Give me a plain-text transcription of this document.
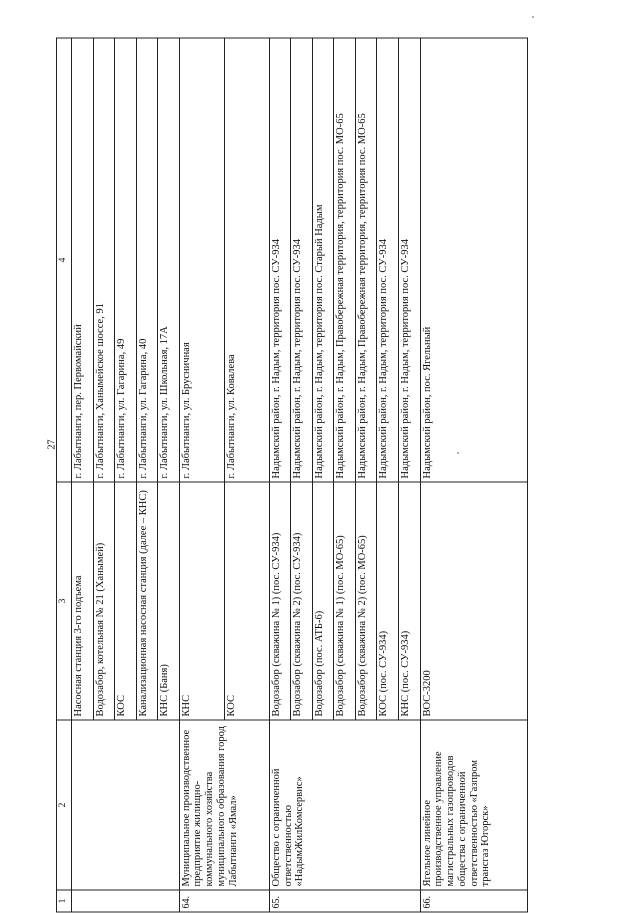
27
1	2	3	4
		Насосная станция 3-го подъема	г. Лабытнанги, пер. Первомайский
		Водозабор, котельная № 21 (Ханымей)	г. Лабытнанги, Ханымейское шоссе, 91
		КОС	г. Лабытнанги, ул. Гагарина, 49
		Канализационная насосная станция (далее – КНС)	г. Лабытнанги, ул. Гагарина, 40
		КНС (Баня)	г. Лабытнанги, ул. Школьная, 17А
64.	Муниципальное производственное предприятие жилищно-коммунального хозяйства муниципального образования город Лабытнанги «Ямал»	КНС	г. Лабытнанги, ул. Брусничная
		КОС	г. Лабытнанги, ул. Ковалева
65.	Общество с ограниченной ответственностью «НадымЖилКомсервис»	Водозабор (скважина № 1) (пос. СУ-934)	Надымский район, г. Надым, территория пос. СУ-934
		Водозабор (скважина № 2) (пос. СУ-934)	Надымский район, г. Надым, территория пос. СУ-934
		Водозабор (пос. АТБ-6)	Надымский район, г. Надым, территория пос. Старый Надым
		Водозабор (скважина № 1) (пос. МО-65)	Надымский район, г. Надым, Правобережная территория, территория пос. МО-65
		Водозабор (скважина № 2) (пос. МО-65)	Надымский район, г. Надым, Правобережная территория, территория пос. МО-65
		КОС (пос. СУ-934)	Надымский район, г. Надым, территория пос. СУ-934
		КНС (пос. СУ-934)	Надымский район, г. Надым, территория пос. СУ-934
66.	Ягельное линейное производственное управление магистральных газопроводов общества с ограниченной ответственностью «Газпром трансгаз Югорск»	ВОС-3200	Надымский район, пос. Ягельный
